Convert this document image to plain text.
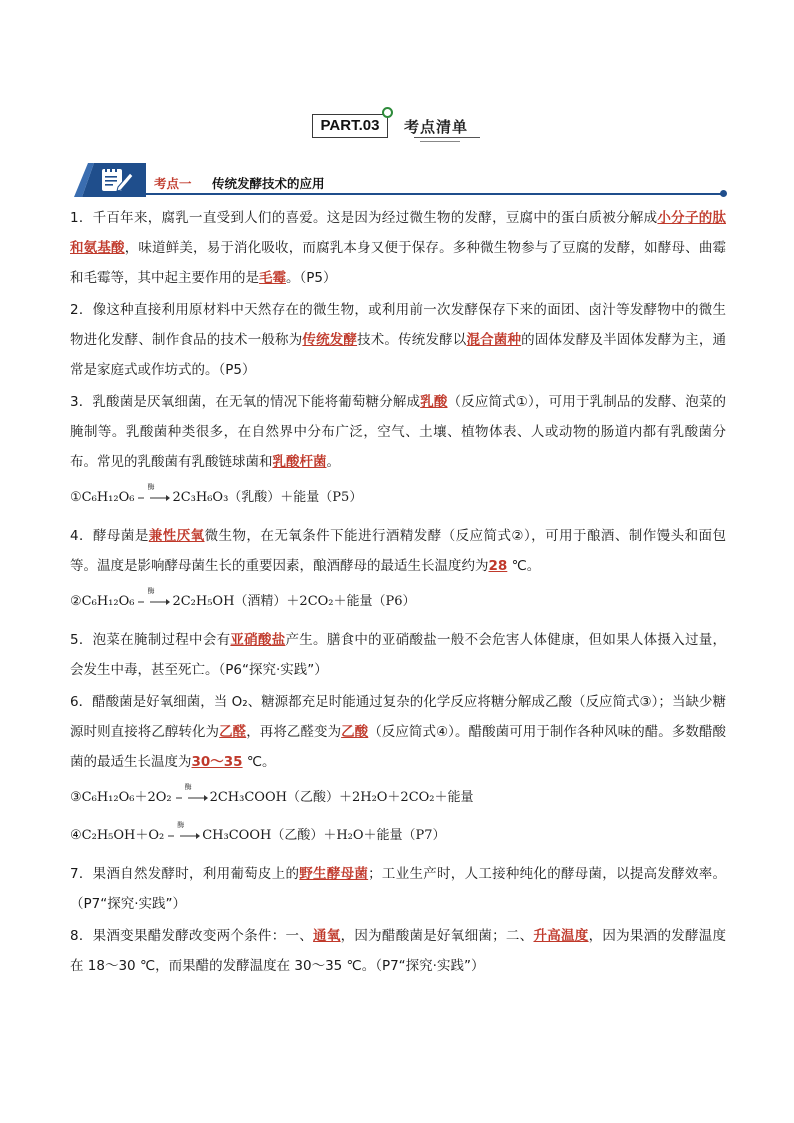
PART.03	考点清单
考点一 传统发酵技术的应用

1．千百年来，腐乳一直受到人们的喜爱。这是因为经过微生物的发酵，豆腐中的蛋白质被分解成小分子的肽和氨基酸，味道鲜美，易于消化吸收，而腐乳本身又便于保存。多种微生物参与了豆腐的发酵，如酵母、曲霉和毛霉等，其中起主要作用的是毛霉。（P5）

2．像这种直接利用原材料中天然存在的微生物，或利用前一次发酵保存下来的面团、卤汁等发酵物中的微生物进化发酵、制作食品的技术一般称为传统发酵技术。传统发酵以混合菌种的固体发酵及半固体发酵为主，通常是家庭式或作坊式的。（P5）

3．乳酸菌是厌氧细菌，在无氧的情况下能将葡萄糖分解成乳酸（反应简式①），可用于乳制品的发酵、泡菜的腌制等。乳酸菌种类很多，在自然界中分布广泛，空气、土壤、植物体表、人或动物的肠道内都有乳酸菌分布。常见的乳酸菌有乳酸链球菌和乳酸杆菌。

①C₆H₁₂O₆
酶
2C₃H₆O₃（乳酸）＋能量（P5）

4．酵母菌是兼性厌氧微生物，在无氧条件下能进行酒精发酵（反应简式②），可用于酿酒、制作馒头和面包等。温度是影响酵母菌生长的重要因素，酿酒酵母的最适生长温度约为28 ℃。

②C₆H₁₂O₆
酶
2C₂H₅OH（酒精）＋2CO₂＋能量（P6）

5．泡菜在腌制过程中会有亚硝酸盐产生。膳食中的亚硝酸盐一般不会危害人体健康，但如果人体摄入过量，会发生中毒，甚至死亡。（P6“探究·实践”）

6．醋酸菌是好氧细菌，当 O₂、糖源都充足时能通过复杂的化学反应将糖分解成乙酸（反应简式③）；当缺少糖源时则直接将乙醇转化为乙醛，再将乙醛变为乙酸（反应简式④）。醋酸菌可用于制作各种风味的醋。多数醋酸菌的最适生长温度为30～35 ℃。

③C₆H₁₂O₆＋2O₂
酶
2CH₃COOH（乙酸）＋2H₂O＋2CO₂＋能量
④C₂H₅OH＋O₂
酶
CH₃COOH（乙酸）＋H₂O＋能量（P7）

7．果酒自然发酵时，利用葡萄皮上的野生酵母菌；工业生产时，人工接种纯化的酵母菌，以提高发酵效率。（P7“探究·实践”）

8．果酒变果醋发酵改变两个条件：一、通氧，因为醋酸菌是好氧细菌；二、升高温度，因为果酒的发酵温度在 18～30 ℃，而果醋的发酵温度在 30～35 ℃。（P7“探究·实践”）
